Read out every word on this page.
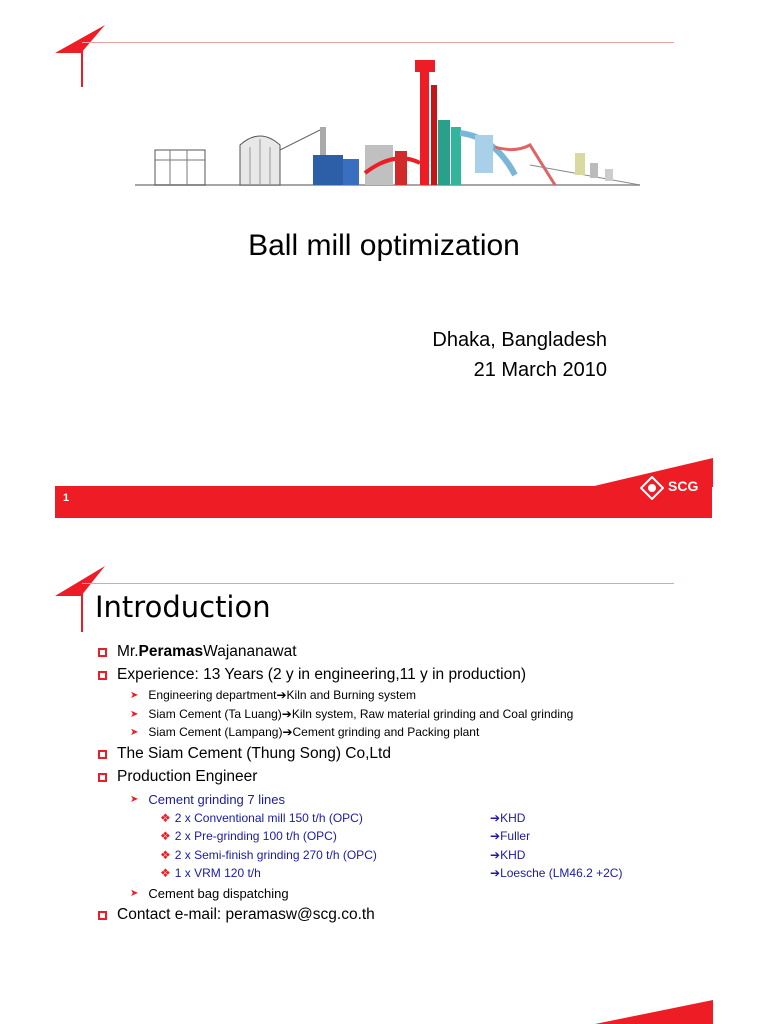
Ball mill optimization
Dhaka, Bangladesh
21 March 2010
1
SCG
Introduction
Mr. Peramas Wajananawat
Experience: 13 Years (2 y in engineering,11 y in production)
➤ Engineering department ➔ Kiln and Burning system
➤ Siam Cement (Ta Luang) ➔ Kiln system, Raw material grinding and Coal grinding
➤ Siam Cement (Lampang) ➔ Cement grinding and Packing plant
The Siam Cement (Thung Song) Co,Ltd
Production Engineer
➤ Cement grinding 7 lines
❖ 2 x Conventional mill 150 t/h (OPC)	➔ KHD
❖ 2 x Pre-grinding 100 t/h (OPC)	➔ Fuller
❖ 2 x Semi-finish grinding 270 t/h (OPC)	➔ KHD
❖ 1 x VRM 120 t/h	➔ Loesche (LM46.2 +2C)
➤ Cement bag dispatching
Contact e-mail: peramasw@scg.co.th
